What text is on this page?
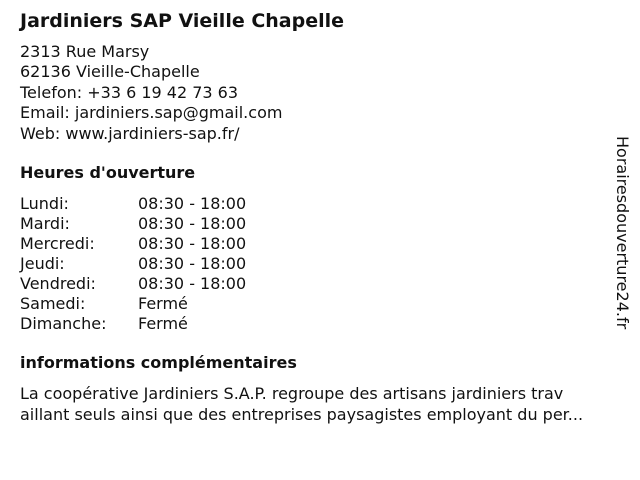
Jardiniers SAP Vieille Chapelle
2313 Rue Marsy
62136 Vieille-Chapelle
Telefon: +33 6 19 42 73 63
Email: jardiniers.sap@gmail.com
Web: www.jardiniers-sap.fr/
Heures d'ouverture
Lundi:	08:30 - 18:00
Mardi:	08:30 - 18:00
Mercredi:	08:30 - 18:00
Jeudi:	08:30 - 18:00
Vendredi:	08:30 - 18:00
Samedi:	Fermé
Dimanche: Fermé
informations complémentaires
La coopérative Jardiniers S.A.P. regroupe des artisans jardiniers trav
aillant seuls ainsi que des entreprises paysagistes employant du per...
Horairesdouverture24.fr
